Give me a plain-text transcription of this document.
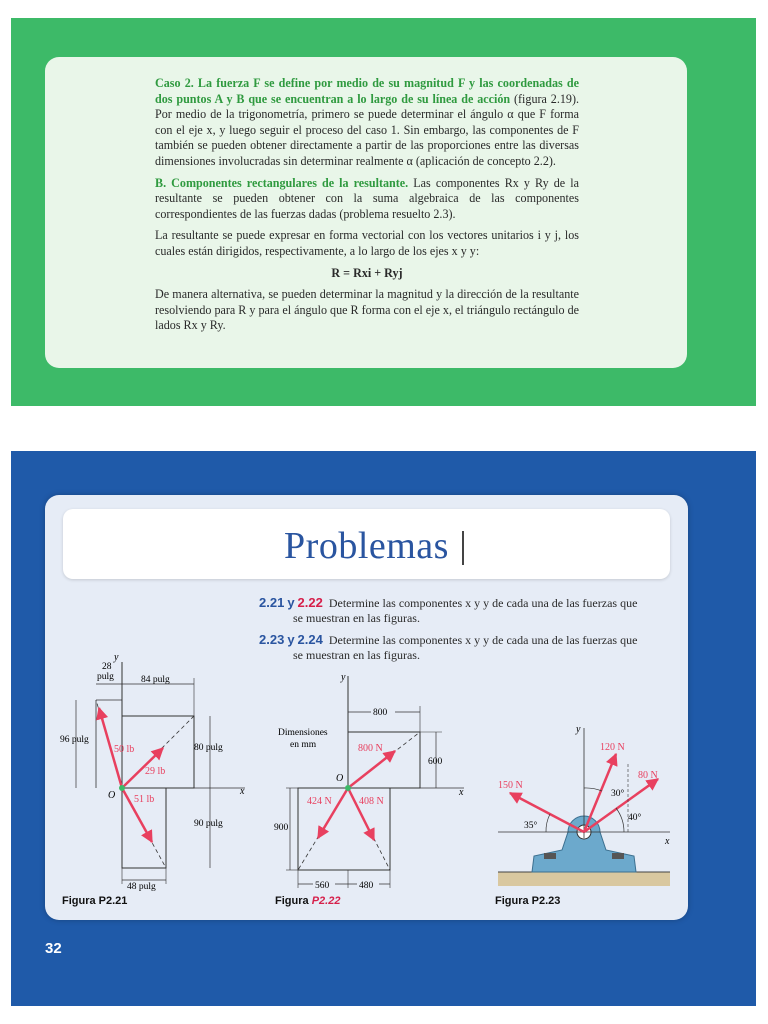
Caso 2. La fuerza F se define por medio de su magnitud F y las coordenadas de dos puntos A y B que se encuentran a lo largo de su línea de acción (figura 2.19). Por medio de la trigonometría, primero se puede determinar el ángulo α que F forma con el eje x, y luego seguir el proceso del caso 1. Sin embargo, las componentes de F también se pueden obtener directamente a partir de las proporciones entre las diversas dimensiones involucradas sin determinar realmente α (aplicación de concepto 2.2).

B. Componentes rectangulares de la resultante. Las componentes Rx y Ry de la resultante se pueden obtener con la suma algebraica de las componentes correspondientes de las fuerzas dadas (problema resuelto 2.3).

La resultante se puede expresar en forma vectorial con los vectores unitarios i y j, los cuales están dirigidos, respectivamente, a lo largo de los ejes x y y:

R = Rxi + Ryj

De manera alternativa, se pueden determinar la magnitud y la dirección de la resultante resolviendo para R y para el ángulo que R forma con el eje x, el triángulo rectángulo de lados Rx y Ry.

Problemas
2.21 y 2.22 Determine las componentes x y y de cada una de las fuerzas que
se muestran en las figuras.
2.23 y 2.24 Determine las componentes x y y de cada una de las fuerzas que
se muestran en las figuras.
y
x
O
50 lb
29 lb
51 lb
28
pulg	84 pulg
96 pulg
80 pulg
90 pulg
48 pulg
y
x
O
800 N
424 N	408 N
Dimensiones
en mm
800
600
900
560	480
y
x
150 N
120 N
80 N
35°
30°
40°
Figura P2.21	Figura P2.22	Figura P2.23
32
